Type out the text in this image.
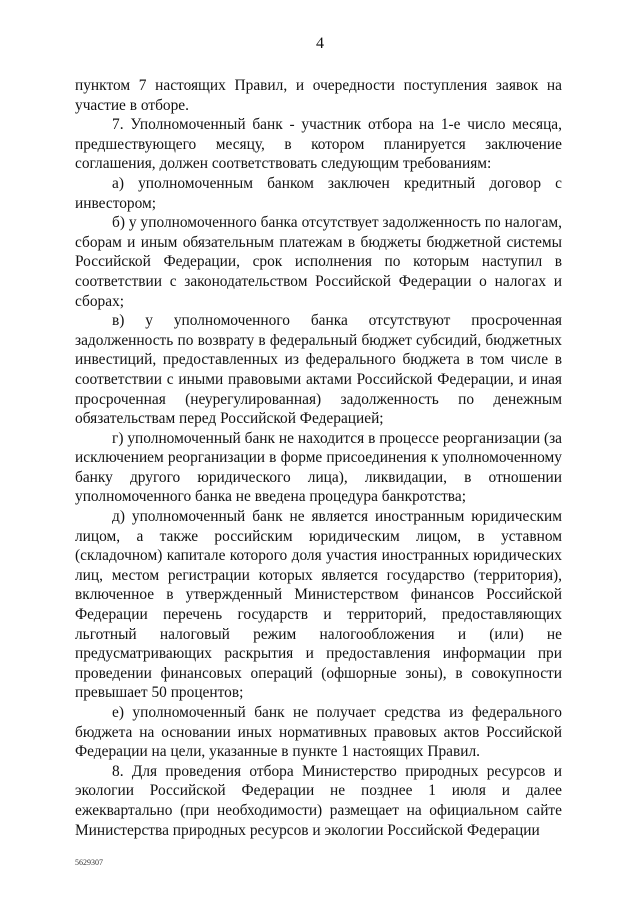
4

пунктом 7 настоящих Правил, и очередности поступления заявок на участие в отборе.

7. Уполномоченный банк - участник отбора на 1-е число месяца, предшествующего месяцу, в котором планируется заключение соглашения, должен соответствовать следующим требованиям:

а) уполномоченным банком заключен кредитный договор с инвестором;

б) у уполномоченного банка отсутствует задолженность по налогам, сборам и иным обязательным платежам в бюджеты бюджетной системы Российской Федерации, срок исполнения по которым наступил в соответствии с законодательством Российской Федерации о налогах и сборах;

в) у уполномоченного банка отсутствуют просроченная задолженность по возврату в федеральный бюджет субсидий, бюджетных инвестиций, предоставленных из федерального бюджета в том числе в соответствии с иными правовыми актами Российской Федерации, и иная просроченная (неурегулированная) задолженность по денежным обязательствам перед Российской Федерацией;

г) уполномоченный банк не находится в процессе реорганизации (за исключением реорганизации в форме присоединения к уполномоченному банку другого юридического лица), ликвидации, в отношении уполномоченного банка не введена процедура банкротства;

д) уполномоченный банк не является иностранным юридическим лицом, а также российским юридическим лицом, в уставном (складочном) капитале которого доля участия иностранных юридических лиц, местом регистрации которых является государство (территория), включенное в утвержденный Министерством финансов Российской Федерации перечень государств и территорий, предоставляющих льготный налоговый режим налогообложения и (или) не предусматривающих раскрытия и предоставления информации при проведении финансовых операций (офшорные зоны), в совокупности превышает 50 процентов;

е) уполномоченный банк не получает средства из федерального бюджета на основании иных нормативных правовых актов Российской Федерации на цели, указанные в пункте 1 настоящих Правил.

8. Для проведения отбора Министерство природных ресурсов и экологии Российской Федерации не позднее 1 июля и далее ежеквартально (при необходимости) размещает на официальном сайте Министерства природных ресурсов и экологии Российской Федерации

5629307
